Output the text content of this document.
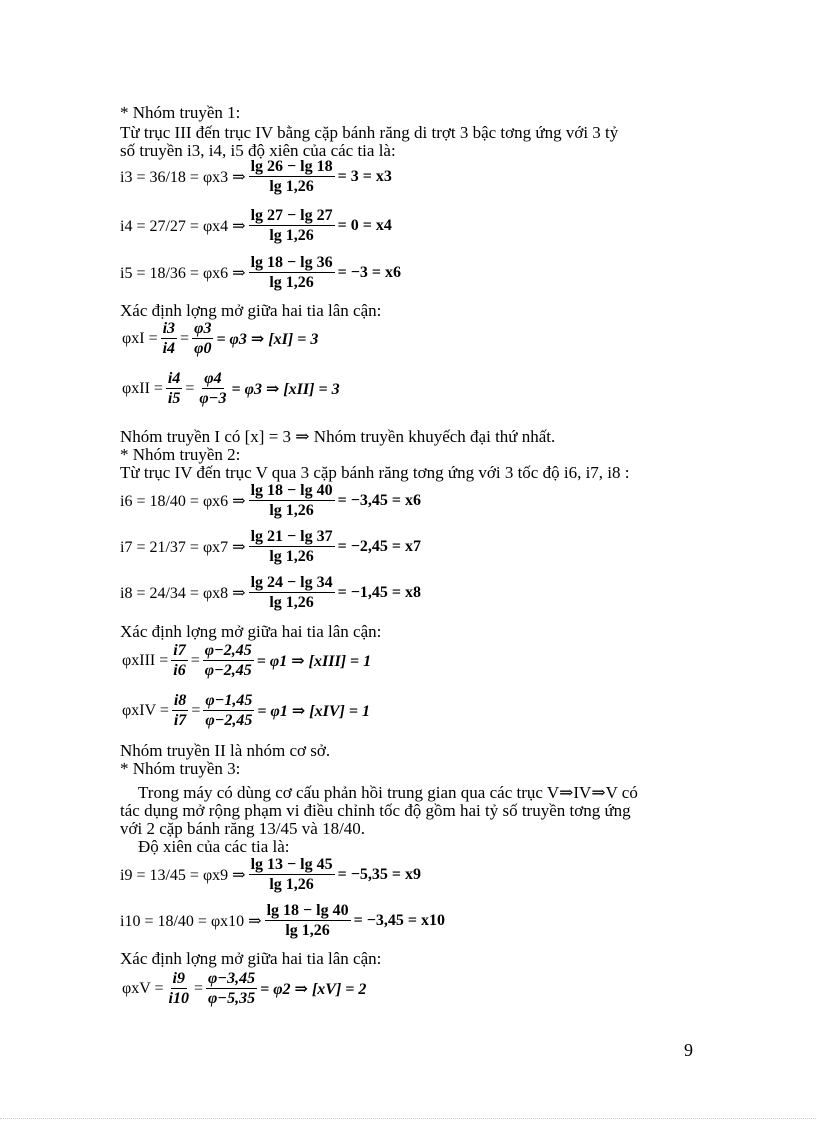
* Nhóm truyền 1:
Từ trục III đến trục IV bằng cặp bánh răng di trợt 3 bậc tơng ứng với 3 tỷ
số truyền i3, i4, i5 độ xiên của các tia là:
i3 = 36/18 = φx3 ⇒ $\frac{\lg 26 - \lg 18}{\lg 1,26} = 3 = x3$
i4 = 27/27 = φx4 ⇒ $\frac{\lg 27 - \lg 27}{\lg 1,26} = 0 = x4$
i5 = 18/36 = φx6 ⇒ $\frac{\lg 18 - \lg 36}{\lg 1,26} = -3 = x6$
Xác định lợng mở giữa hai tia lân cận:
$\varphi xI = \frac{i3}{i4} = \frac{\varphi 3}{\varphi 0} = \varphi 3$ ⇒ [xI] = 3
$\varphi xII = \frac{i4}{i5} = \frac{\varphi 4}{\varphi-3} = \varphi 3$ ⇒ [xII] = 3
Nhóm truyền I có [x] = 3 ⇒ Nhóm truyền khuyếch đại thứ nhất.
* Nhóm truyền 2:
Từ trục IV đến trục V qua 3 cặp bánh răng tơng ứng với 3 tốc độ i6, i7, i8 :
i6 = 18/40 = φx6 ⇒ $\frac{\lg 18 - \lg 40}{\lg 1,26} = -3,45 = x6$
i7 = 21/37 = φx7 ⇒ $\frac{\lg 21 - \lg 37}{\lg 1,26} = -2,45 = x7$
i8 = 24/34 = φx8 ⇒ $\frac{\lg 24 - \lg 34}{\lg 1,26} = -1,45 = x8$
Xác định lợng mở giữa hai tia lân cận:
φxIII = $\frac{i7}{i6} = \frac{\varphi-2,45}{\varphi-2,45} = \varphi 1$ ⇒ [xIII] = 1
$\varphi xIV = \frac{i8}{i7} = \frac{\varphi-1,45}{\varphi-2,45} = \varphi 1$ ⇒ [xIV] = 1
Nhóm truyền II là nhóm cơ sở.
* Nhóm truyền 3:
Trong máy có dùng cơ cấu phản hồi trung gian qua các trục V⇒IV⇒V có
tác dụng mở rộng phạm vi điều chỉnh tốc độ gồm hai tỷ số truyền tơng ứng
với 2 cặp bánh răng 13/45 và 18/40.
Độ xiên của các tia là:
i9 = 13/45 = φx9 ⇒ $\frac{\lg 13 - \lg 45}{\lg 1,26} = -5,35 = x9$
i10 = 18/40 = φx10 ⇒ $\frac{\lg 18 - \lg 40}{\lg 1,26} = -3,45 = x10$
Xác định lợng mở giữa hai tia lân cận:
$\varphi xV = \frac{i9}{i10} = \frac{\varphi-3,45}{\varphi-5,35} = \varphi 2$ ⇒ [xV] = 2
9
